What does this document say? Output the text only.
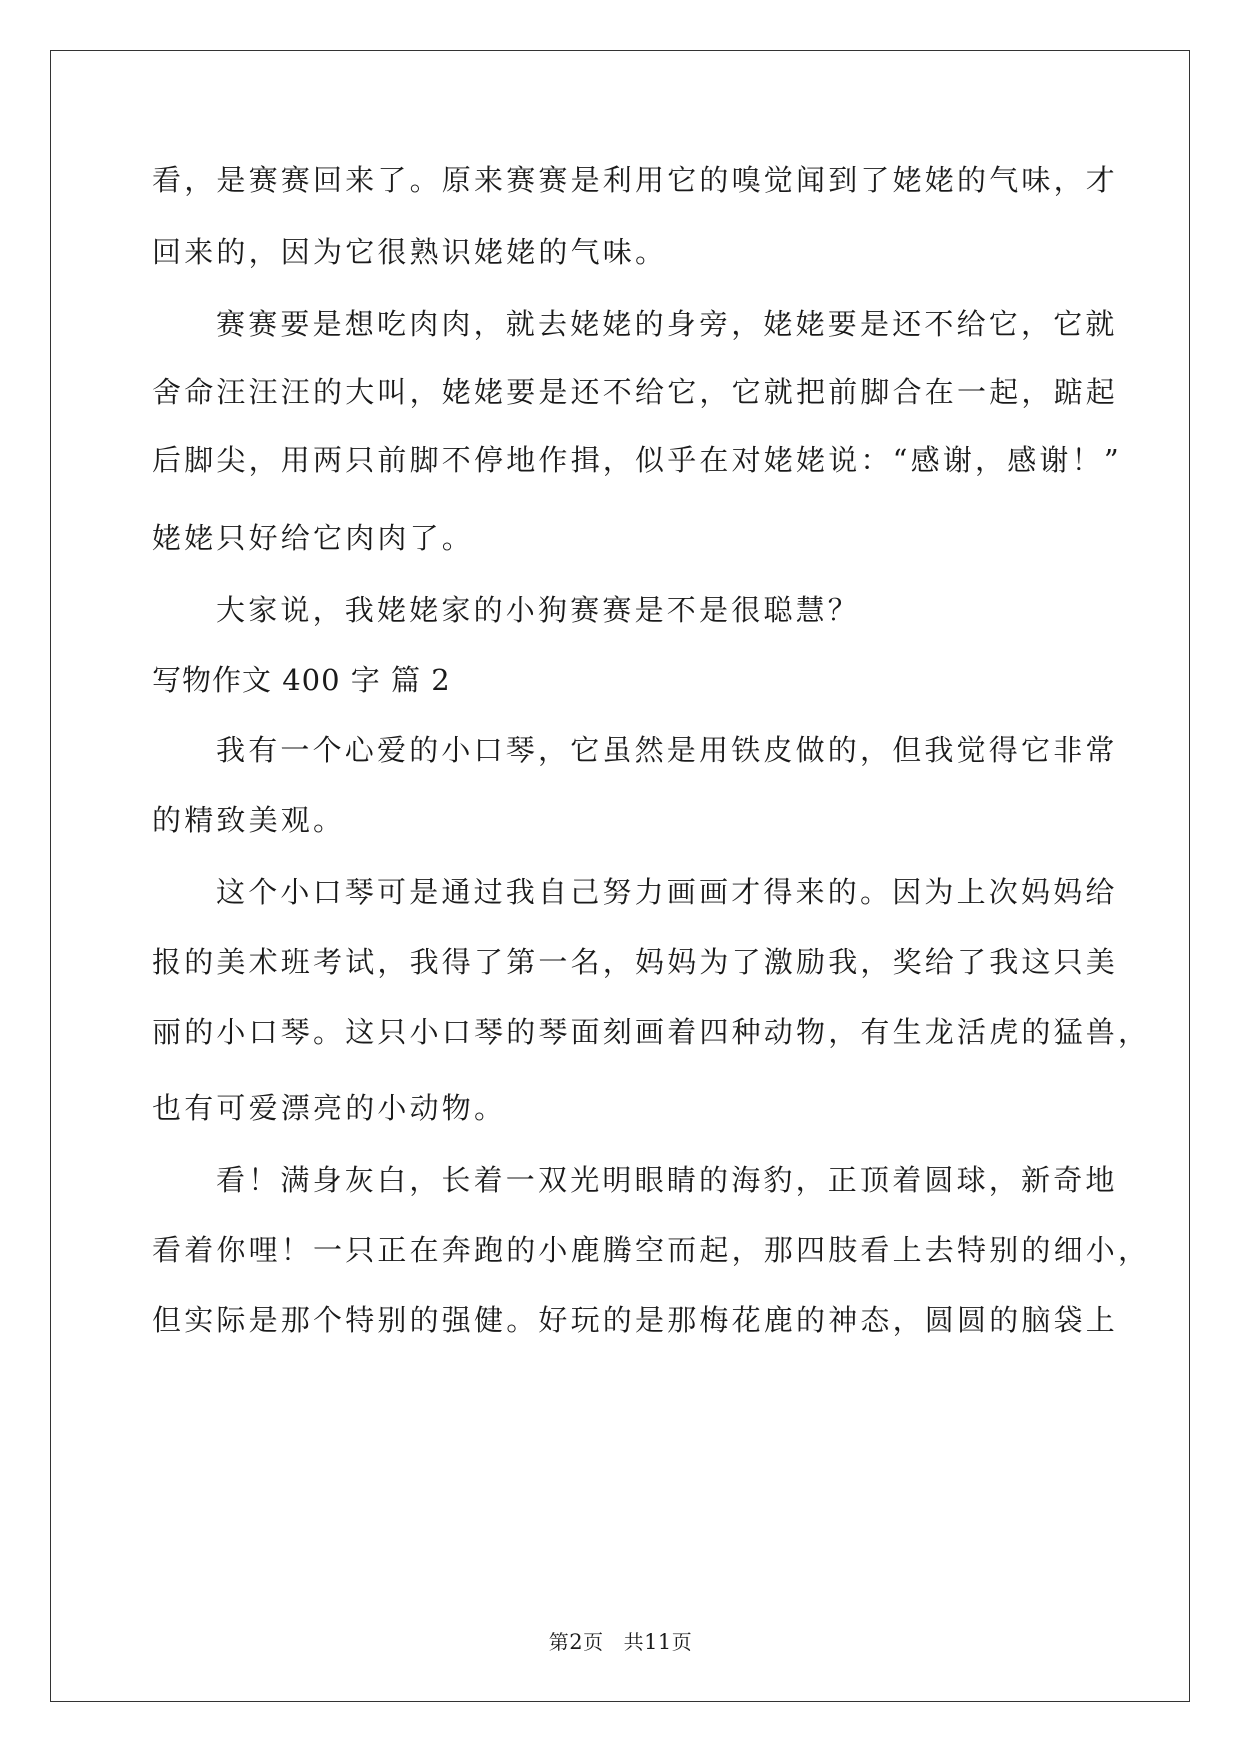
看，是赛赛回来了。原来赛赛是利用它的嗅觉闻到了姥姥的气味，才
回来的，因为它很熟识姥姥的气味。
赛赛要是想吃肉肉，就去姥姥的身旁，姥姥要是还不给它，它就
舍命汪汪汪的大叫，姥姥要是还不给它，它就把前脚合在一起，踮起
后脚尖，用两只前脚不停地作揖，似乎在对姥姥说：“感谢，感谢！”
姥姥只好给它肉肉了。
大家说，我姥姥家的小狗赛赛是不是很聪慧？
写物作文 400 字 篇 2
我有一个心爱的小口琴，它虽然是用铁皮做的，但我觉得它非常
的精致美观。
这个小口琴可是通过我自己努力画画才得来的。因为上次妈妈给
报的美术班考试，我得了第一名，妈妈为了激励我，奖给了我这只美
丽的小口琴。这只小口琴的琴面刻画着四种动物，有生龙活虎的猛兽，
也有可爱漂亮的小动物。
看！满身灰白，长着一双光明眼睛的海豹，正顶着圆球，新奇地
看着你哩！一只正在奔跑的小鹿腾空而起，那四肢看上去特别的细小，
但实际是那个特别的强健。好玩的是那梅花鹿的神态，圆圆的脑袋上
第2页 共11页
